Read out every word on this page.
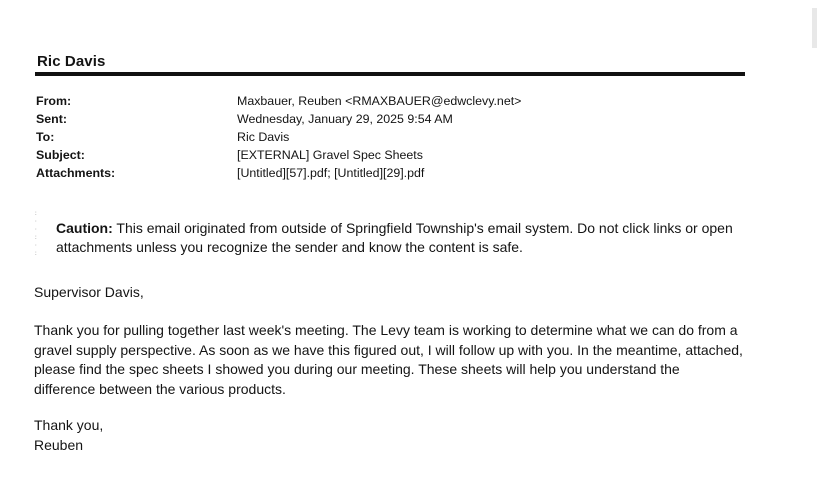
Ric Davis
From:	Maxbauer, Reuben <RMAXBAUER@edwclevy.net>
Sent:	Wednesday, January 29, 2025 9:54 AM
To:	Ric Davis
Subject:	[EXTERNAL] Gravel Spec Sheets
Attachments:	[Untitled][57].pdf; [Untitled][29].pdf
:
·
·
:
·
:
Caution: This email originated from outside of Springfield Township's email system. Do not click links or open attachments unless you recognize the sender and know the content is safe.

Supervisor Davis,

Thank you for pulling together last week's meeting. The Levy team is working to determine what we can do from a gravel supply perspective. As soon as we have this figured out, I will follow up with you. In the meantime, attached, please find the spec sheets I showed you during our meeting. These sheets will help you understand the difference between the various products.

Thank you,
Reuben
